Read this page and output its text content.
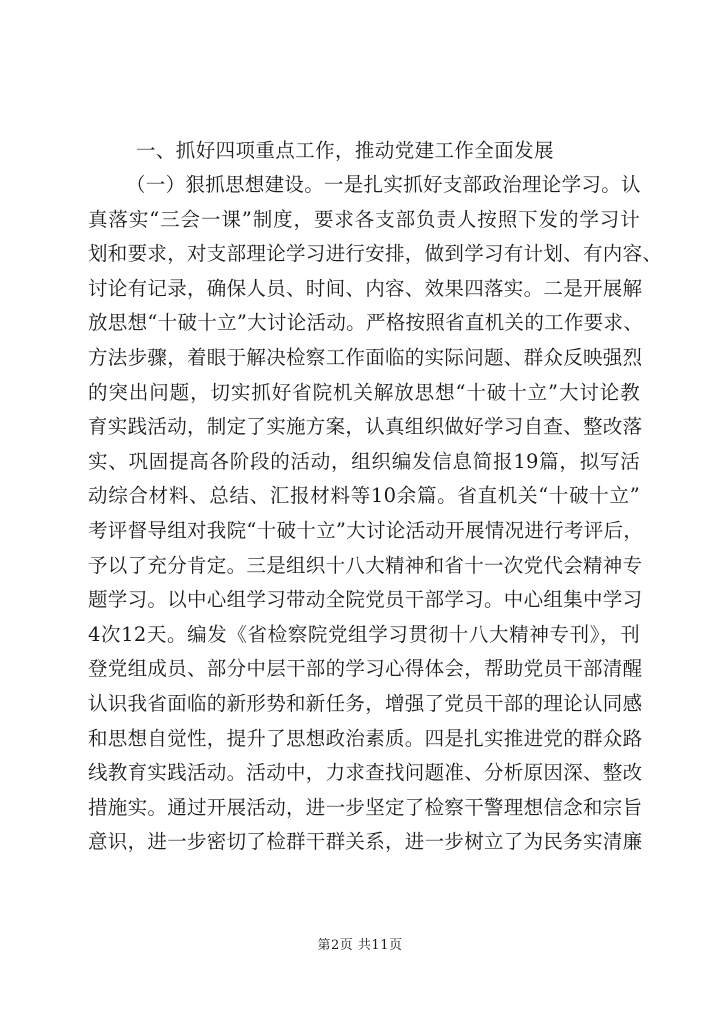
一、抓好四项重点工作，推动党建工作全面发展

（一）狠抓思想建设。一是扎实抓好支部政治理论学习。认

真落实“三会一课”制度，要求各支部负责人按照下发的学习计

划和要求，对支部理论学习进行安排，做到学习有计划、有内容、

讨论有记录，确保人员、时间、内容、效果四落实。二是开展解

放思想“十破十立”大讨论活动。严格按照省直机关的工作要求、

方法步骤，着眼于解决检察工作面临的实际问题、群众反映强烈

的突出问题，切实抓好省院机关解放思想“十破十立”大讨论教

育实践活动，制定了实施方案，认真组织做好学习自查、整改落

实、巩固提高各阶段的活动，组织编发信息简报19篇，拟写活

动综合材料、总结、汇报材料等10余篇。省直机关“十破十立”

考评督导组对我院“十破十立”大讨论活动开展情况进行考评后，

予以了充分肯定。三是组织十八大精神和省十一次党代会精神专

题学习。以中心组学习带动全院党员干部学习。中心组集中学习

4次12天。编发《省检察院党组学习贯彻十八大精神专刊》，刊

登党组成员、部分中层干部的学习心得体会，帮助党员干部清醒

认识我省面临的新形势和新任务，增强了党员干部的理论认同感

和思想自觉性，提升了思想政治素质。四是扎实推进党的群众路

线教育实践活动。活动中，力求查找问题准、分析原因深、整改

措施实。通过开展活动，进一步坚定了检察干警理想信念和宗旨

意识，进一步密切了检群干群关系，进一步树立了为民务实清廉

第2页 共11页
